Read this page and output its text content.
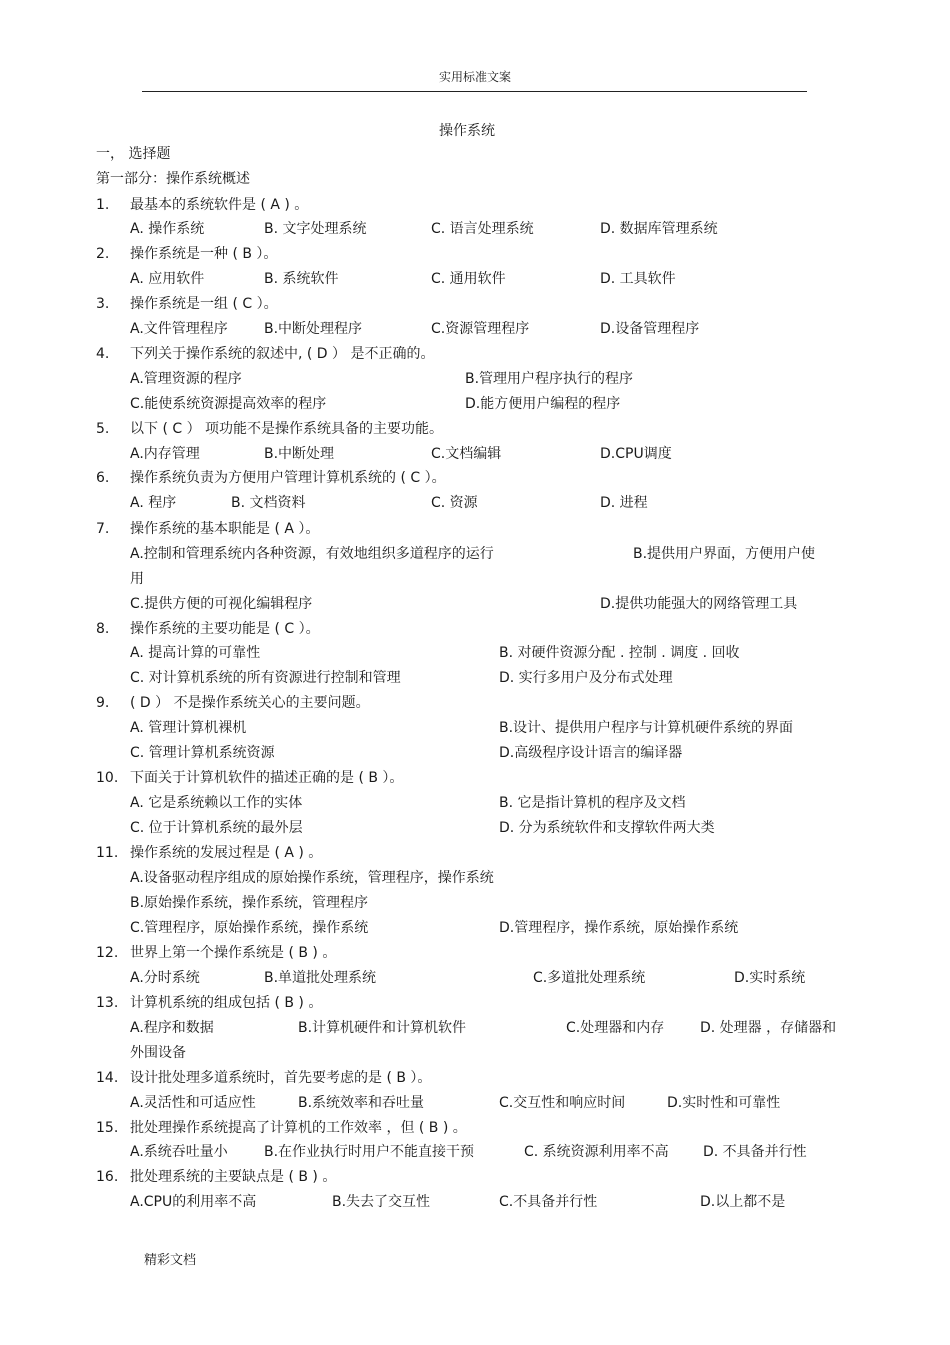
实用标准文案
操作系统
一， 选择题
第一部分：操作系统概述
1. 最基本的系统软件是 ( A ) 。
A. 操作系统	B. 文字处理系统	C. 语言处理系统	D. 数据库管理系统
2. 操作系统是一种 ( B ）。
A. 应用软件	B. 系统软件	C. 通用软件	D. 工具软件
3. 操作系统是一组 ( C ）。
A.文件管理程序	B.中断处理程序	C.资源管理程序	D.设备管理程序
4. 下列关于操作系统的叙述中, ( D ） 是不正确的。
A.管理资源的程序	B.管理用户程序执行的程序
C.能使系统资源提高效率的程序	D.能方便用户编程的程序
5. 以下 ( C ） 项功能不是操作系统具备的主要功能。
A.内存管理	B.中断处理	C.文档编辑	D.CPU调度
6. 操作系统负责为方便用户管理计算机系统的 ( C ）。
A. 程序	B. 文档资料	C. 资源	D. 进程
7. 操作系统的基本职能是 ( A ）。
A.控制和管理系统内各种资源，有效地组织多道程序的运行	B.提供用户界面，方便用户使
用
C.提供方便的可视化编辑程序	D.提供功能强大的网络管理工具
8. 操作系统的主要功能是 ( C ）。
A. 提高计算的可靠性	B. 对硬件资源分配 . 控制 . 调度 . 回收
C. 对计算机系统的所有资源进行控制和管理	D. 实行多用户及分布式处理
9. ( D ） 不是操作系统关心的主要问题。
A. 管理计算机裸机	B.设计、提供用户程序与计算机硬件系统的界面
C. 管理计算机系统资源	D.高级程序设计语言的编译器
10. 下面关于计算机软件的描述正确的是 ( B ）。
A. 它是系统赖以工作的实体	B. 它是指计算机的程序及文档
C. 位于计算机系统的最外层	D. 分为系统软件和支撑软件两大类
11. 操作系统的发展过程是 ( A ) 。
A.设备驱动程序组成的原始操作系统，管理程序，操作系统
B.原始操作系统，操作系统，管理程序
C.管理程序，原始操作系统，操作系统	D.管理程序，操作系统，原始操作系统
12. 世界上第一个操作系统是 ( B ) 。
A.分时系统	B.单道批处理系统	C.多道批处理系统	D.实时系统
13. 计算机系统的组成包括 ( B ) 。
A.程序和数据	B.计算机硬件和计算机软件	C.处理器和内存	D. 处理器 ，存储器和
外围设备
14. 设计批处理多道系统时，首先要考虑的是 ( B ）。
A.灵活性和可适应性	B.系统效率和吞吐量	C.交互性和响应时间	D.实时性和可靠性
15. 批处理操作系统提高了计算机的工作效率 ，但 ( B ) 。
A.系统吞吐量小	B.在作业执行时用户不能直接干预	C. 系统资源利用率不高 D. 不具备并行性
16. 批处理系统的主要缺点是 ( B ) 。
A.CPU的利用率不高	B.失去了交互性	C.不具备并行性	D.以上都不是
精彩文档
